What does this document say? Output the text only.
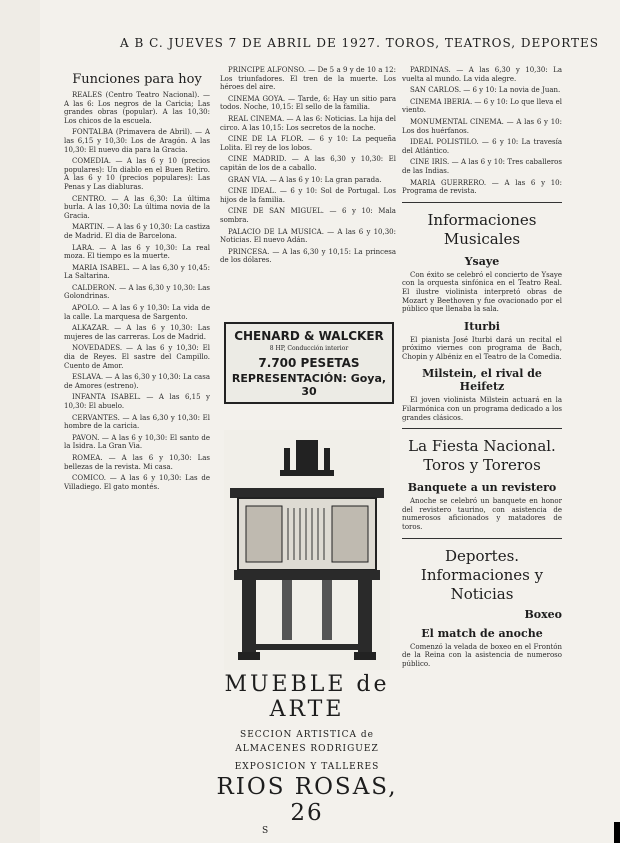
A B C. JUEVES 7 DE ABRIL DE 1927. TOROS, TEATROS, DEPORTES
Funciones para hoy

REALES (Centro Teatro Nacional). — A las 6: Los negros de la Caricia; Las grandes obras (popular). A las 10,30: Los chicos de la escuela.

FONTALBA (Primavera de Abril). — A las 6,15 y 10,30: Los de Aragón. A las 10,30: El nuevo dia para la Gracia.

COMEDIA. — A las 6 y 10 (precios populares): Un diablo en el Buen Retiro. A las 6 y 10 (precios populares): Las Penas y Las diabluras.

CENTRO. — A las 6,30: La última burla. A las 10,30: La última novia de la Gracia.

MARTIN. — A las 6 y 10,30: La castiza de Madrid. El dia de Barcelona.

LARA. — A las 6 y 10,30: La real moza. El tiempo es la muerte.

MARIA ISABEL. — A las 6,30 y 10,45: La Saltarina.

CALDERON. — A las 6,30 y 10,30: Las Golondrinas.

APOLO. — A las 6 y 10,30: La vida de la calle. La marquesa de Sargento.

ALKAZAR. — A las 6 y 10,30: Las mujeres de las carreras. Los de Madrid.

NOVEDADES. — A las 6 y 10,30: El dia de Reyes. El sastre del Campillo. Cuento de Amor.

ESLAVA. — A las 6,30 y 10,30: La casa de Amores (estreno).

INFANTA ISABEL. — A las 6,15 y 10,30: El abuelo.

CERVANTES. — A las 6,30 y 10,30: El hombre de la caricia.

PAVON. — A las 6 y 10,30: El santo de la Isidra. La Gran Via.

ROMEA. — A las 6 y 10,30: Las bellezas de la revista. Mi casa.

COMICO. — A las 6 y 10,30: Las de Villadiego. El gato montés.

PRINCIPE ALFONSO. — De 5 a 9 y de 10 a 12: Los triunfadores. El tren de la muerte. Los héroes del aire.

CINEMA GOYA. — Tarde, 6: Hay un sitio para todos. Noche, 10,15: El sello de la familia.

REAL CINEMA. — A las 6: Noticias. La hija del circo. A las 10,15: Los secretos de la noche.

CINE DE LA FLOR. — 6 y 10: La pequeña Lolita. El rey de los lobos.

CINE MADRID. — A las 6,30 y 10,30: El capitán de los de a caballo.

GRAN VIA. — A las 6 y 10: La gran parada.

CINE IDEAL. — 6 y 10: Sol de Portugal. Los hijos de la familia.

CINE DE SAN MIGUEL. — 6 y 10: Mala sombra.

PALACIO DE LA MUSICA. — A las 6 y 10,30: Noticias. El nuevo Adán.

PRINCESA. — A las 6,30 y 10,15: La princesa de los dólares.

CHENARD & WALCKER
8 HP, Conducción interior
7.700 PESETAS
REPRESENTACIÓN: Goya, 30
MUEBLE de ARTE
SECCION ARTISTICA de ALMACENES RODRIGUEZ
EXPOSICION Y TALLERES
RIOS ROSAS, 26

PARDIÑAS. — A las 6,30 y 10,30: La vuelta al mundo. La vida alegre.

SAN CARLOS. — 6 y 10: La novia de Juan.

CINEMA IBERIA. — 6 y 10: Lo que lleva el viento.

MONUMENTAL CINEMA. — A las 6 y 10: Los dos huérfanos.

IDEAL POLISTILO. — 6 y 10: La travesía del Atlántico.

CINE IRIS. — A las 6 y 10: Tres caballeros de las Indias.

MARIA GUERRERO. — A las 6 y 10: Programa de revista.

Informaciones Musicales
Ysaye

Con éxito se celebró el concierto de Ysaye con la orquesta sinfónica en el Teatro Real. El ilustre violinista interpretó obras de Mozart y Beethoven y fue ovacionado por el público que llenaba la sala.

Iturbi

El pianista José Iturbi dará un recital el próximo viernes con programa de Bach, Chopin y Albéniz en el Teatro de la Comedia.

Milstein, el rival de Heifetz

El joven violinista Milstein actuará en la Filarmónica con un programa dedicado a los grandes clásicos.

La Fiesta Nacional. Toros y Toreros
Banquete a un revistero

Anoche se celebró un banquete en honor del revistero taurino, con asistencia de numerosos aficionados y matadores de toros.

Deportes. Informaciones y Noticias
Boxeo
El match de anoche

Comenzó la velada de boxeo en el Frontón de la Reina con la asistencia de numeroso público.

S
